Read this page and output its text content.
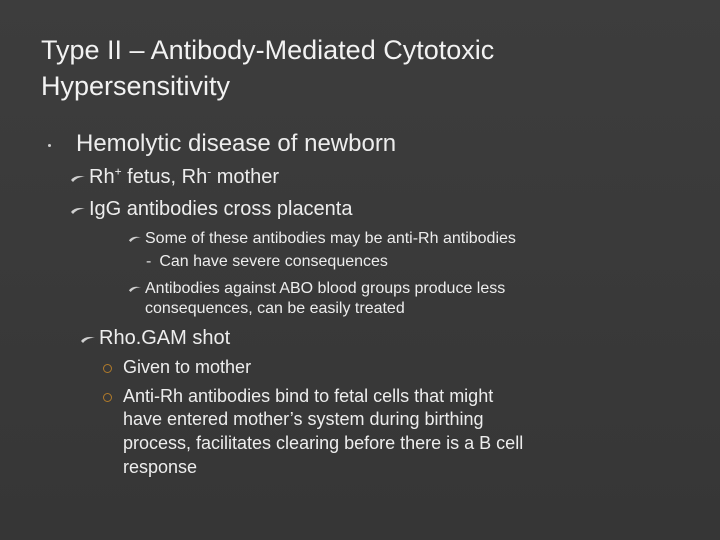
Type II – Antibody-Mediated Cytotoxic
Hypersensitivity
Hemolytic disease of newborn
Rh+ fetus, Rh- mother
IgG antibodies cross placenta
Some of these antibodies may be anti-Rh antibodies
- Can have severe consequences
Antibodies against ABO blood groups produce less
consequences, can be easily treated
Rho.GAM shot
Given to mother
Anti-Rh antibodies bind to fetal cells that might
have entered mother’s system during birthing
process, facilitates clearing before there is a B cell
response
